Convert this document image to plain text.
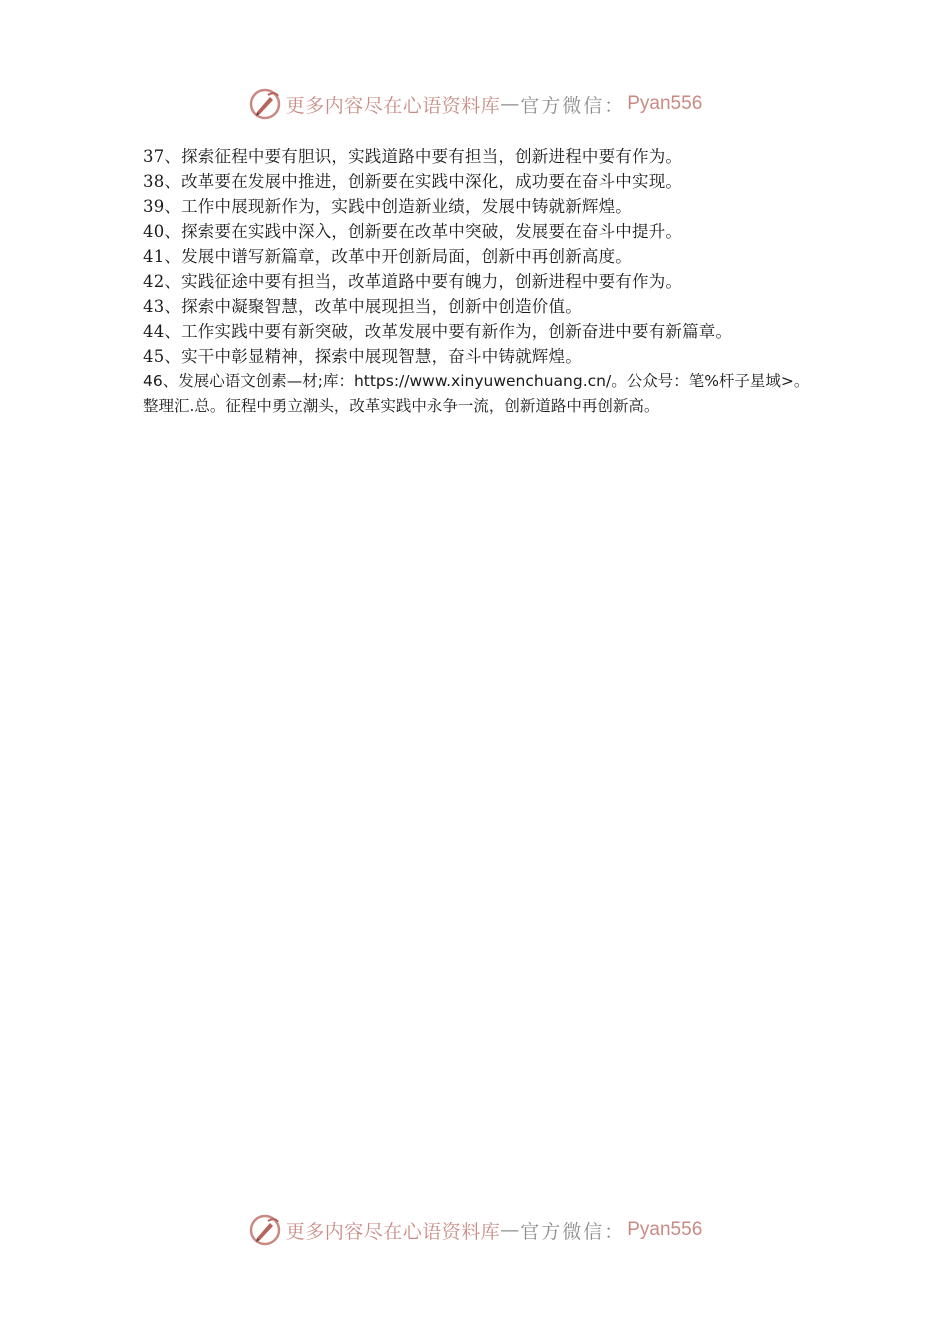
更多内容尽在心语资料库 — 官方微信： Pyan556
37、探索征程中要有胆识，实践道路中要有担当，创新进程中要有作为。
38、改革要在发展中推进，创新要在实践中深化，成功要在奋斗中实现。
39、工作中展现新作为，实践中创造新业绩，发展中铸就新辉煌。
40、探索要在实践中深入，创新要在改革中突破，发展要在奋斗中提升。
41、发展中谱写新篇章，改革中开创新局面，创新中再创新高度。
42、实践征途中要有担当，改革道路中要有魄力，创新进程中要有作为。
43、探索中凝聚智慧，改革中展现担当，创新中创造价值。
44、工作实践中要有新突破，改革发展中要有新作为，创新奋进中要有新篇章。
45、实干中彰显精神，探索中展现智慧，奋斗中铸就辉煌。
46、发展心语文创素—材;库：https://www.xinyuwenchuang.cn/。公众号：笔%杆子星域>。整理汇.总。征程中勇立潮头，改革实践中永争一流，创新道路中再创新高。
更多内容尽在心语资料库 — 官方微信： Pyan556
